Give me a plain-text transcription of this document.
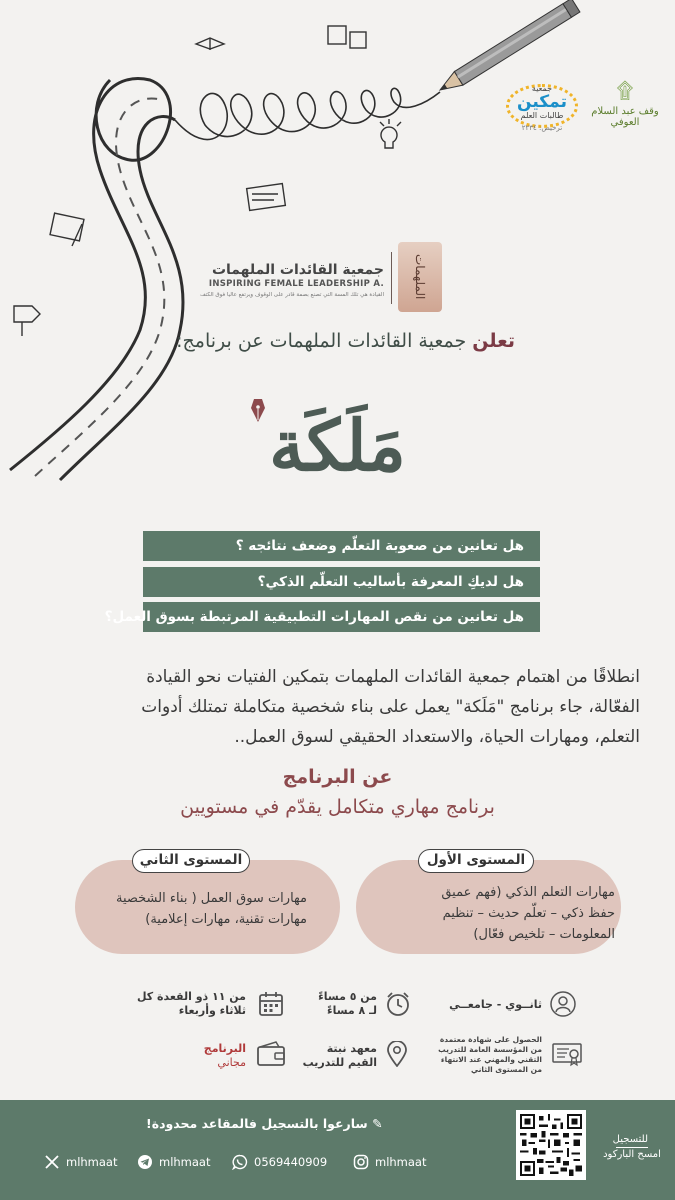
۩
وقف عبد السلام العوفي
جمعية
تمكين
طالبات العلم
ترخيص: ٢٢٣٤
الملهمات
جمعية القائدات الملهمات
INSPIRING FEMALE LEADERSHIP A.
القيادة هي تلك المسة التي تصنع بصمة قادر على الوقوف ويرتفع عاليا فوق الكتف
تعلن جمعية القائدات الملهمات عن برنامج:
مَلَكَة
هل تعانين من صعوبة التعلّم وضعف نتائجه ؟
هل لديكِ المعرفة بأساليب التعلّم الذكي؟
هل تعانين من نقص المهارات التطبيقية المرتبطة بسوق العمل؟
انطلاقًا من اهتمام جمعية القائدات الملهمات بتمكين الفتيات نحو القيادة
الفعّالة، جاء برنامج "مَلَكة" يعمل على بناء شخصية متكاملة تمتلك أدوات
التعلم، ومهارات الحياة، والاستعداد الحقيقي لسوق العمل..
عن البرنامج
برنامج مهاري متكامل يقدّم في مستويين
المستوى الأول
المستوى الثاني
مهارات التعلم الذكي (فهم عميق
حفظ ذكي – تعلّم حديث – تنظيم
المعلومات – تلخيص فعّال)
مهارات سوق العمل ( بناء الشخصية
مهارات تقنية، مهارات إعلامية)
ثانــوي - جامعــي
من ٥ مساءً
لـ ٨ مساءً
من ١١ ذو القعدة كل
ثلاثاء وأربعاء
الحصول على شهادة معتمدة
من المؤسسة العامة للتدريب
التقني والمهني عند الانتهاء
من المستوى الثاني
معهد نبتة
القيم للتدريب
البرنامج
مجاني
للتسجيل
امسح الباركود
✎ سارعوا بالتسجيل فالمقاعد محدودة!
mlhmaat
0569440909
mlhmaat
mlhmaat
